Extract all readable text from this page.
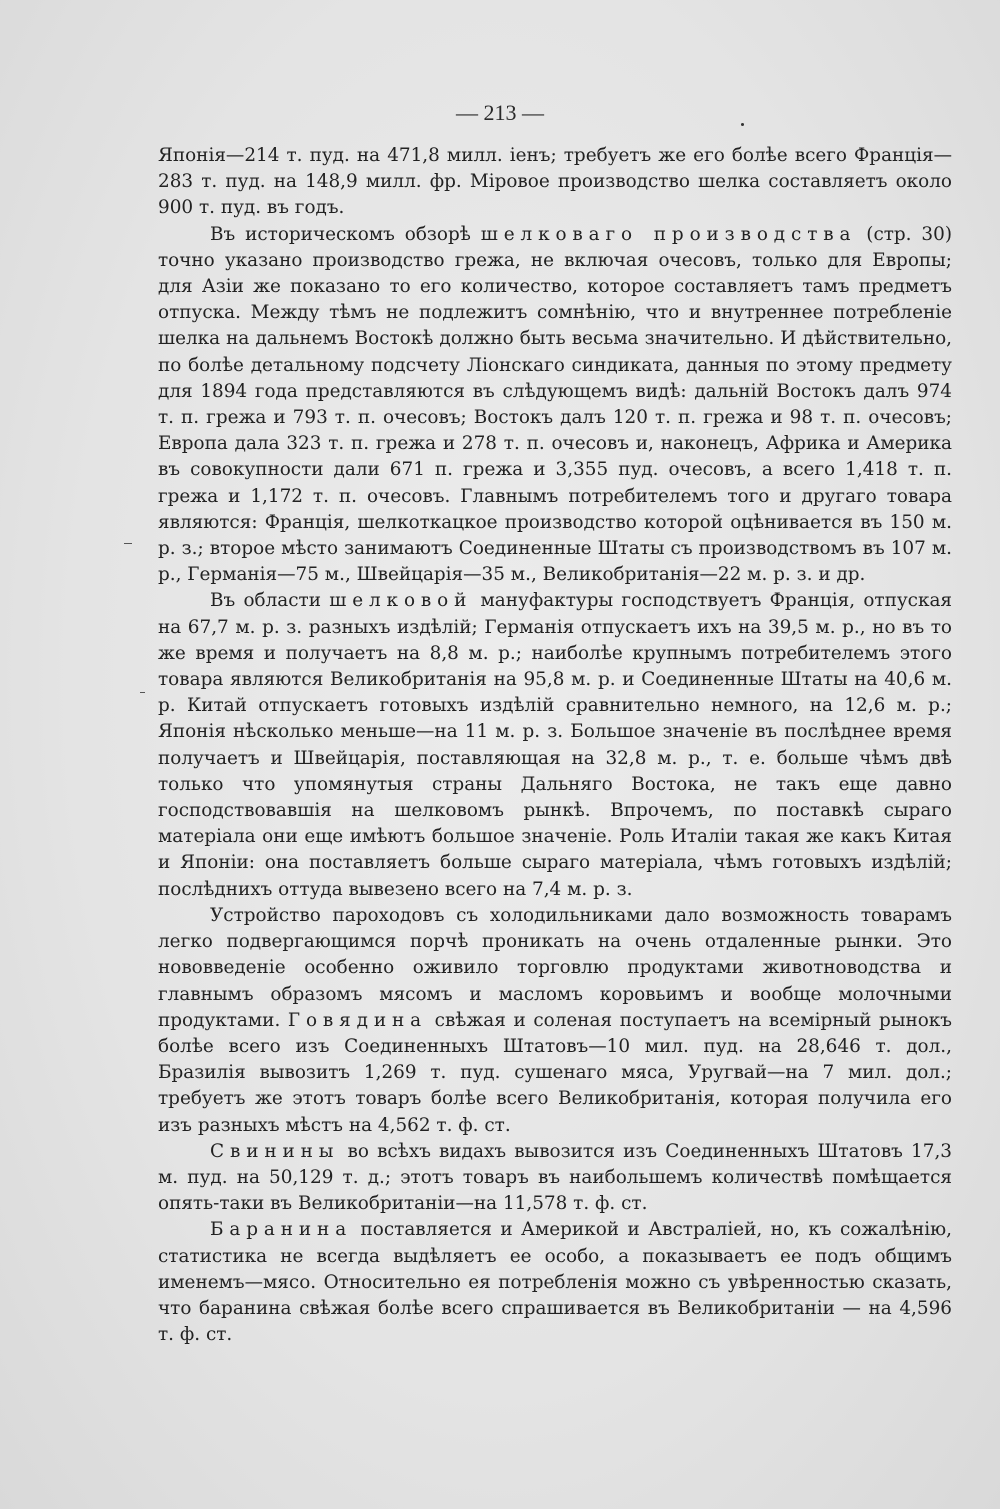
— 213 —

Японія—214 т. пуд. на 471,8 милл. іенъ; требуетъ же его болѣе всего Франція— 283 т. пуд. на 148,9 милл. фр. Міровое производство шелка составляетъ около 900 т. пуд. въ годъ.

Въ историческомъ обзорѣ шелковаго производства (стр. 30) точно указано производство грежа, не включая очесовъ, только для Европы; для Азіи же показано то его количество, которое составляетъ тамъ предметъ отпуска. Между тѣмъ не подлежитъ сомнѣнію, что и внутреннее потребленіе шелка на дальнемъ Востокѣ должно быть весьма значительно. И дѣйствительно, по болѣе детальному подсчету Ліонскаго синдиката, данныя по этому предмету для 1894 года представляются въ слѣдующемъ видѣ: дальній Востокъ далъ 974 т. п. грежа и 793 т. п. очесовъ; Востокъ далъ 120 т. п. грежа и 98 т. п. очесовъ; Европа дала 323 т. п. грежа и 278 т. п. очесовъ и, наконецъ, Африка и Америка въ совокупности дали 671 п. грежа и 3,355 пуд. очесовъ, а всего 1,418 т. п. грежа и 1,172 т. п. очесовъ. Главнымъ потребителемъ того и другаго товара являются: Франція, шелкоткацкое производство которой оцѣнивается въ 150 м. р. з.; второе мѣсто занимаютъ Соединенные Штаты съ производствомъ въ 107 м. р., Германія—75 м., Швейцарія—35 м., Великобританія—22 м. р. з. и др.

Въ области шелковой мануфактуры господствуетъ Франція, отпуская на 67,7 м. р. з. разныхъ издѣлій; Германія отпускаетъ ихъ на 39,5 м. р., но въ то же время и получаетъ на 8,8 м. р.; наиболѣе крупнымъ потребителемъ этого товара являются Великобританія на 95,8 м. р. и Соединенные Штаты на 40,6 м. р. Китай отпускаетъ готовыхъ издѣлій сравнительно немного, на 12,6 м. р.; Японія нѣсколько меньше—на 11 м. р. з. Большое значеніе въ послѣднее время получаетъ и Швейцарія, поставляющая на 32,8 м. р., т. е. больше чѣмъ двѣ только что упомянутыя страны Дальняго Востока, не такъ еще давно господствовавшія на шелковомъ рынкѣ. Впрочемъ, по поставкѣ сыраго матеріала они еще имѣютъ большое значеніе. Роль Италіи такая же какъ Китая и Японіи: она поставляетъ больше сыраго матеріала, чѣмъ готовыхъ издѣлій; послѣднихъ оттуда вывезено всего на 7,4 м. р. з.

Устройство пароходовъ съ холодильниками дало возможность товарамъ легко подвергающимся порчѣ проникать на очень отдаленные рынки. Это нововведеніе особенно оживило торговлю продуктами животноводства и главнымъ образомъ мясомъ и масломъ коровьимъ и вообще молочными продуктами. Говядина свѣжая и соленая поступаетъ на всемірный рынокъ болѣе всего изъ Соединенныхъ Штатовъ—10 мил. пуд. на 28,646 т. дол., Бразилія вывозитъ 1,269 т. пуд. сушенаго мяса, Уругвай—на 7 мил. дол.; требуетъ же этотъ товаръ болѣе всего Великобританія, которая получила его изъ разныхъ мѣстъ на 4,562 т. ф. ст.

Свинины во всѣхъ видахъ вывозится изъ Соединенныхъ Штатовъ 17,3 м. пуд. на 50,129 т. д.; этотъ товаръ въ наибольшемъ количествѣ помѣщается опять-таки въ Великобританіи—на 11,578 т. ф. ст.

Баранина поставляется и Америкой и Австраліей, но, къ сожалѣнію, статистика не всегда выдѣляетъ ее особо, а показываетъ ее подъ общимъ именемъ—мясо. Относительно ея потребленія можно съ увѣренностью сказать, что баранина свѣжая болѣе всего спрашивается въ Великобританіи — на 4,596 т. ф. ст.
